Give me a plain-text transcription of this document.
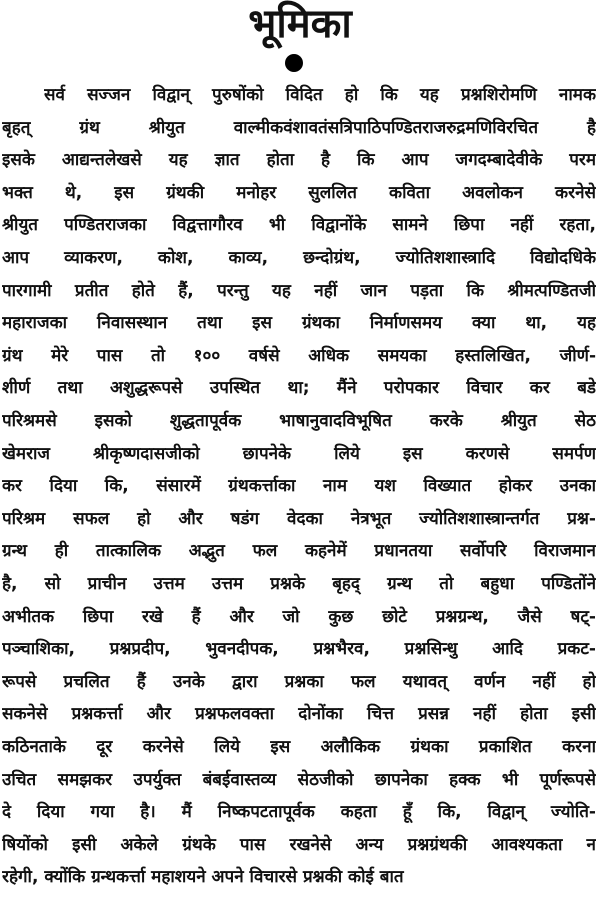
भूमिका
सर्व सज्जन विद्वान् पुरुषोंको विदित हो कि यह प्रश्नशिरोमणि नामक
बृहत् ग्रंथ श्रीयुत वाल्मीकवंशावतंसत्रिपाठिपण्डितराजरुद्रमणिविरचित है
इसके आद्यन्तलेखसे यह ज्ञात होता है कि आप जगदम्बादेवीके परम
भक्त थे, इस ग्रंथकी मनोहर सुललित कविता अवलोकन करनेसे
श्रीयुत पण्डितराजका विद्वत्तागौरव भी विद्वानोंके सामने छिपा नहीं रहता,
आप व्याकरण, कोश, काव्य, छन्दोग्रंथ, ज्योतिशशास्त्रादि विद्योदधिके
पारगामी प्रतीत होते हैं, परन्तु यह नहीं जान पड़ता कि श्रीमत्पण्डितजी
महाराजका निवासस्थान तथा इस ग्रंथका निर्माणसमय क्या था, यह
ग्रंथ मेरे पास तो १०० वर्षसे अधिक समयका हस्तलिखित, जीर्ण-
शीर्ण तथा अशुद्धरूपसे उपस्थित था; मैंने परोपकार विचार कर बडे
परिश्रमसे इसको शुद्धतापूर्वक भाषानुवादविभूषित करके श्रीयुत सेठ
खेमराज श्रीकृष्णदासजीको छापनेके लिये इस करणसे समर्पण
कर दिया कि, संसारमें ग्रंथकर्त्ताका नाम यश विख्यात होकर उनका
परिश्रम सफल हो और षडंग वेदका नेत्रभूत ज्योतिशशास्त्रान्तर्गत प्रश्न-
ग्रन्थ ही तात्कालिक अद्भुत फल कहनेमें प्रधानतया सर्वोपरि विराजमान
है, सो प्राचीन उत्तम उत्तम प्रश्नके बृहद् ग्रन्थ तो बहुधा पण्डितोंने
अभीतक छिपा रखे हैं और जो कुछ छोटे प्रश्नग्रन्थ, जैसे षट्-
पञ्चाशिका, प्रश्नप्रदीप, भुवनदीपक, प्रश्नभैरव, प्रश्नसिन्धु आदि प्रकट-
रूपसे प्रचलित हैं उनके द्वारा प्रश्नका फल यथावत् वर्णन नहीं हो
सकनेसे प्रश्नकर्त्ता और प्रश्नफलवक्ता दोनोंका चित्त प्रसन्न नहीं होता इसी
कठिनताके दूर करनेसे लिये इस अलौकिक ग्रंथका प्रकाशित करना
उचित समझकर उपर्युक्त बंबईवास्तव्य सेठजीको छापनेका हक्क भी पूर्णरूपसे
दे दिया गया है। मैं निष्कपटतापूर्वक कहता हूँ कि, विद्वान् ज्योति-
षियोंको इसी अकेले ग्रंथके पास रखनेसे अन्य प्रश्नग्रंथकी आवश्यकता न
रहेगी, क्योंकि ग्रन्थकर्त्ता महाशयने अपने विचारसे प्रश्नकी कोई बात
